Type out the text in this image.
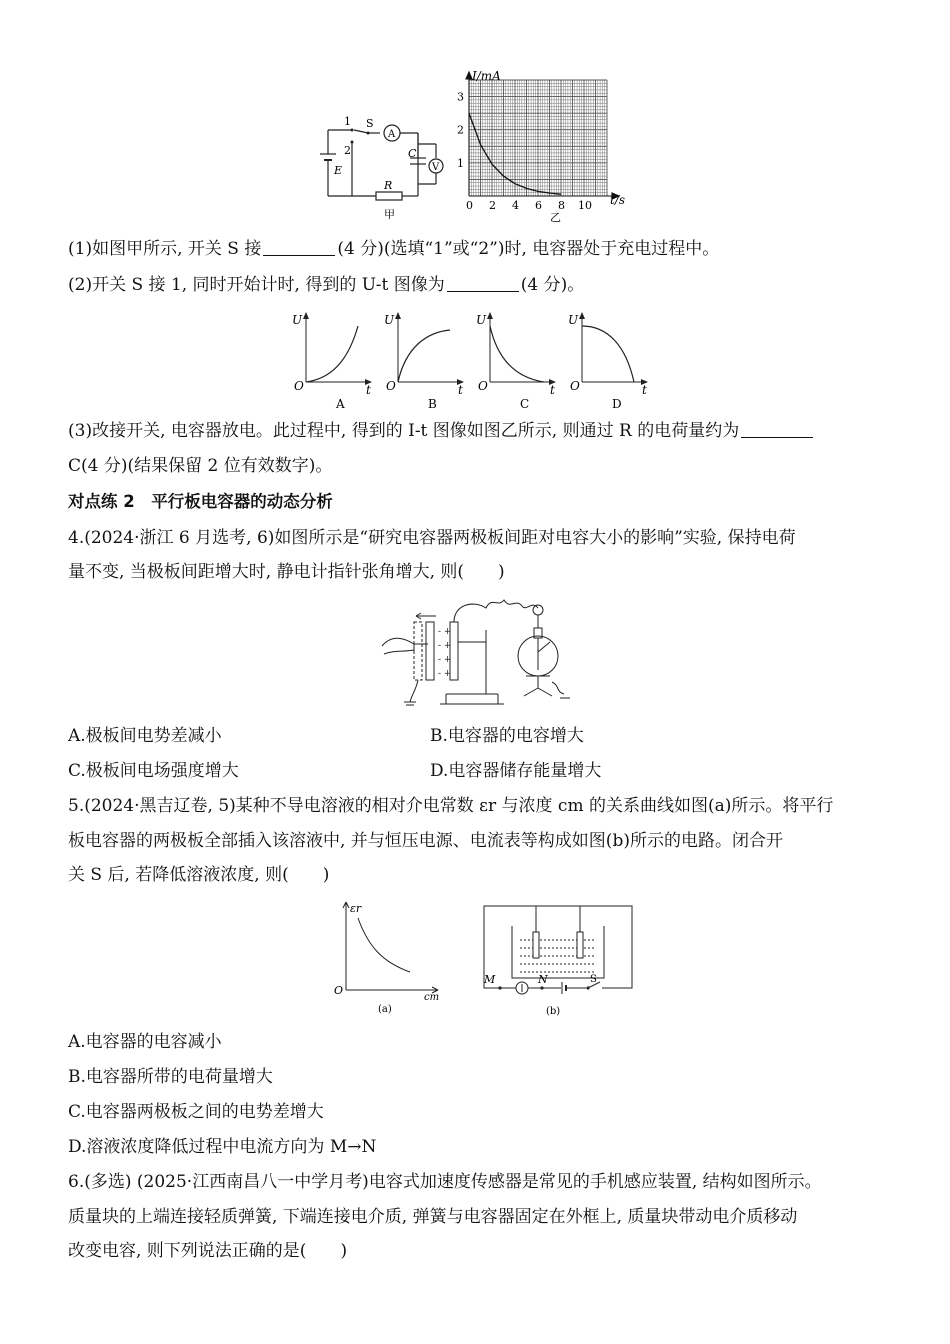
1
2
S
A
C
V
E
R
甲
3
2
1
0 2 4 6 8 10
I/mA
t/s
乙
(1)如图甲所示, 开关 S 接	(4 分)(选填“1”或“2”)时, 电容器处于充电过程中。
(2)开关 S 接 1, 同时开始计时, 得到的 U-t 图像为	(4 分)。
U
t
O
A
U
t
O
B
U
t
O
C
U
t
O
D
(3)改接开关, 电容器放电。此过程中, 得到的 I-t 图像如图乙所示, 则通过 R 的电荷量约为
C(4 分)(结果保留 2 位有效数字)。
对点练 2　平行板电容器的动态分析
4.(2024·浙江 6 月选考, 6)如图所示是“研究电容器两极板间距对电容大小的影响”实验, 保持电荷
量不变, 当极板间距增大时, 静电计指针张角增大, 则(　　)
- +
- +
- +
- +
A.极板间电势差减小	B.电容器的电容增大
C.极板间电场强度增大	D.电容器储存能量增大
5.(2024·黑吉辽卷, 5)某种不导电溶液的相对介电常数 εr 与浓度 cm 的关系曲线如图(a)所示。将平行
板电容器的两极板全部插入该溶液中, 并与恒压电源、电流表等构成如图(b)所示的电路。闭合开
关 S 后, 若降低溶液浓度, 则(　　)
εr
O
cm
(a)
M	N	S
(b)
A.电容器的电容减小
B.电容器所带的电荷量增大
C.电容器两极板之间的电势差增大
D.溶液浓度降低过程中电流方向为 M→N
6.(多选) (2025·江西南昌八一中学月考)电容式加速度传感器是常见的手机感应装置, 结构如图所示。
质量块的上端连接轻质弹簧, 下端连接电介质, 弹簧与电容器固定在外框上, 质量块带动电介质移动
改变电容, 则下列说法正确的是(　　)
